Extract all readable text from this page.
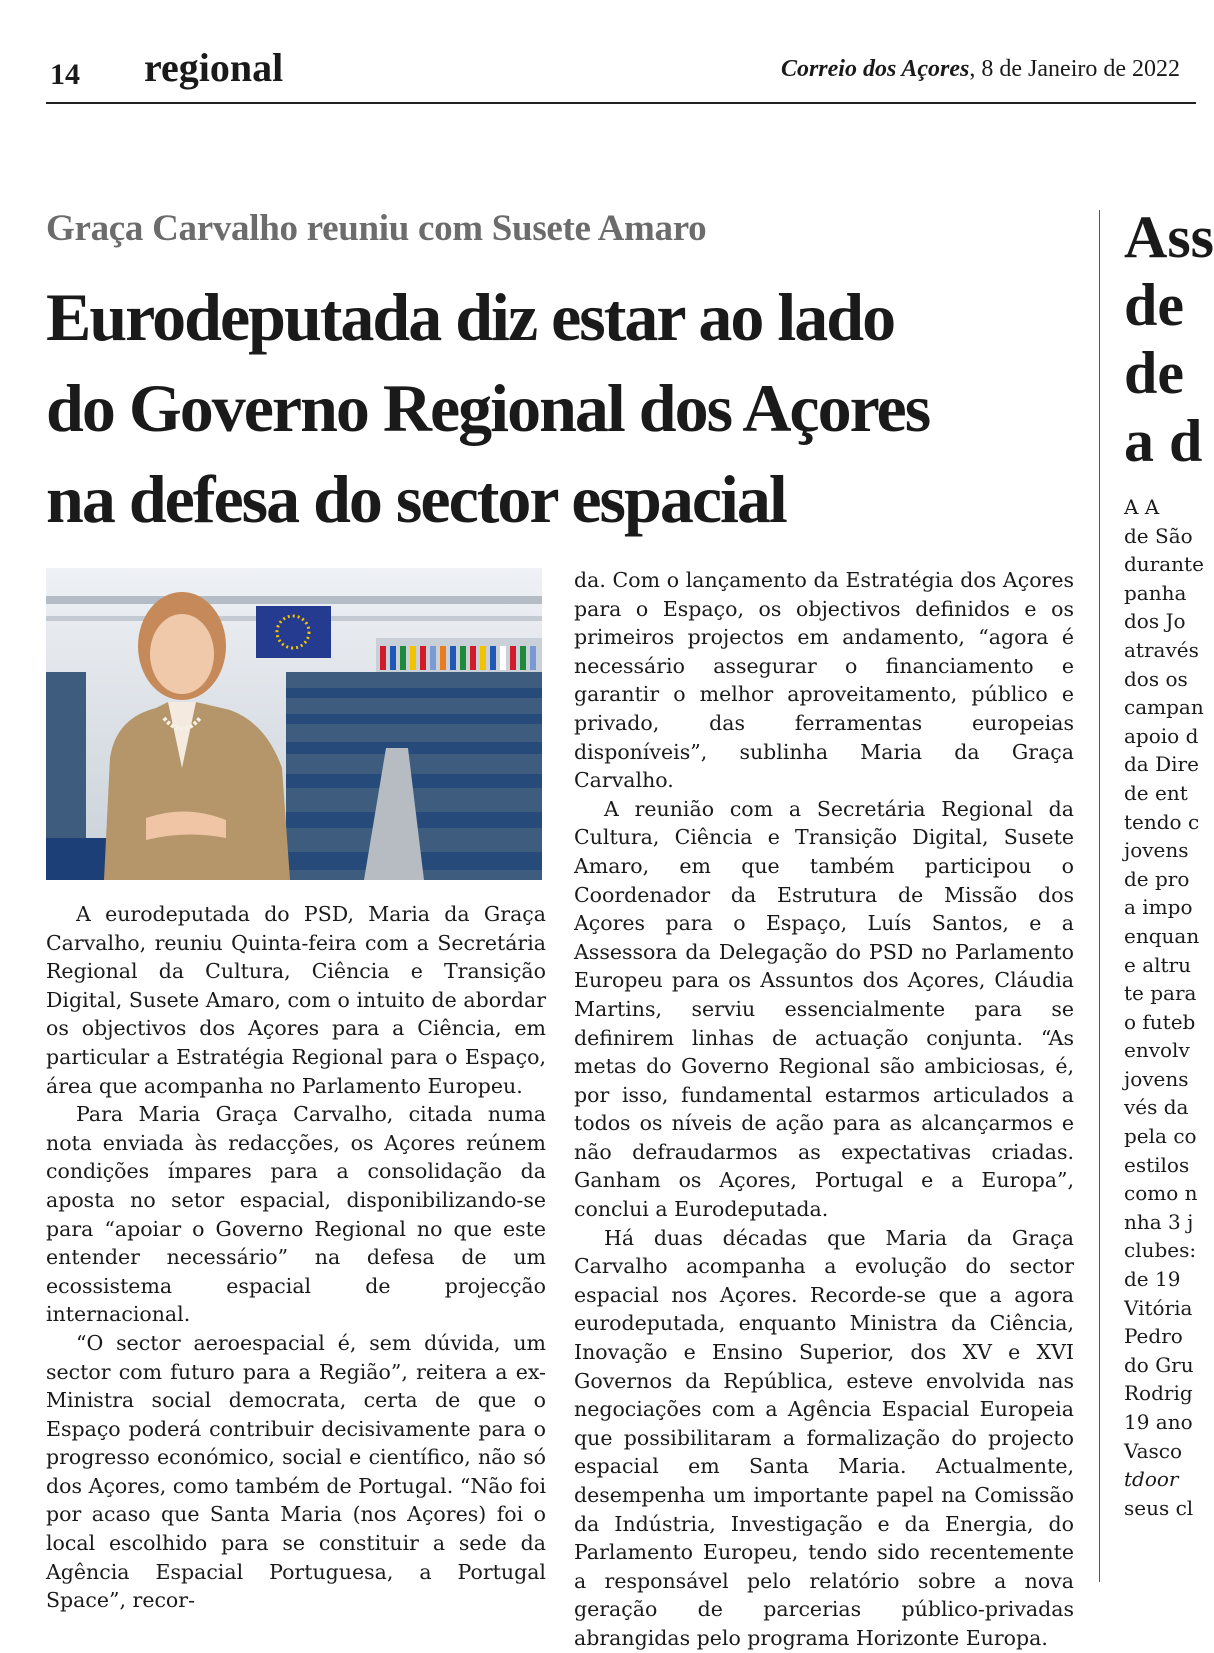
14 regional	Correio dos Açores, 8 de Janeiro de 2022
Graça Carvalho reuniu com Susete Amaro
Eurodeputada diz estar ao lado
do Governo Regional dos Açores
na defesa do sector espacial

A eurodeputada do PSD, Maria da Graça Carvalho, reuniu Quinta-feira com a Secretária Regional da Cultura, Ciência e Transição Digital, Susete Amaro, com o intuito de abordar os objectivos dos Açores para a Ciência, em particular a Estratégia Regional para o Espaço, área que acompanha no Parlamento Europeu.

Para Maria Graça Carvalho, citada numa nota enviada às redacções, os Açores reúnem condições ímpares para a consolidação da aposta no setor espacial, disponibilizando-se para “apoiar o Governo Regional no que este entender necessário” na defesa de um ecossistema espacial de projecção internacional.

“O sector aeroespacial é, sem dúvida, um sector com futuro para a Região”, reitera a ex-Ministra social democrata, certa de que o Espaço poderá contribuir decisivamente para o progresso económico, social e científico, não só dos Açores, como também de Portugal. “Não foi por acaso que Santa Maria (nos Açores) foi o local escolhido para se constituir a sede da Agência Espacial Portuguesa, a Portugal Space”, recor-

da. Com o lançamento da Estratégia dos Açores para o Espaço, os objectivos definidos e os primeiros projectos em andamento, “agora é necessário assegurar o financiamento e garantir o melhor aproveitamento, público e privado, das ferramentas europeias disponíveis”, sublinha Maria da Graça Carvalho.

A reunião com a Secretária Regional da Cultura, Ciência e Transição Digital, Susete Amaro, em que também participou o Coordenador da Estrutura de Missão dos Açores para o Espaço, Luís Santos, e a Assessora da Delegação do PSD no Parlamento Europeu para os Assuntos dos Açores, Cláudia Martins, serviu essencialmente para se definirem linhas de actuação conjunta. “As metas do Governo Regional são ambiciosas, é, por isso, fundamental estarmos articulados a todos os níveis de ação para as alcançarmos e não defraudarmos as expectativas criadas. Ganham os Açores, Portugal e a Europa”, conclui a Eurodeputada.

Há duas décadas que Maria da Graça Carvalho acompanha a evolução do sector espacial nos Açores. Recorde-se que a agora eurodeputada, enquanto Ministra da Ciência, Inovação e Ensino Superior, dos XV e XVI Governos da República, esteve envolvida nas negociações com a Agência Espacial Europeia que possibilitaram a formalização do projecto espacial em Santa Maria. Actualmente, desempenha um importante papel na Comissão da Indústria, Investigação e da Energia, do Parlamento Europeu, tendo sido recentemente a responsável pelo relatório sobre a nova geração de parcerias público-privadas abrangidas pelo programa Horizonte Europa.

Ass
de
de
a d
A A
de São
durante
panha
dos Jo
através
dos os
campan
apoio d
da Dire
de ent
tendo c
jovens
de pro
a impo
enquan
e altru
te para
o futeb
envolv
jovens
vés da
pela co
estilos
como n
nha 3 j
clubes:
de 19
Vitória
Pedro
do Gru
Rodrig
19 ano
Vasco
tdoor
seus cl
